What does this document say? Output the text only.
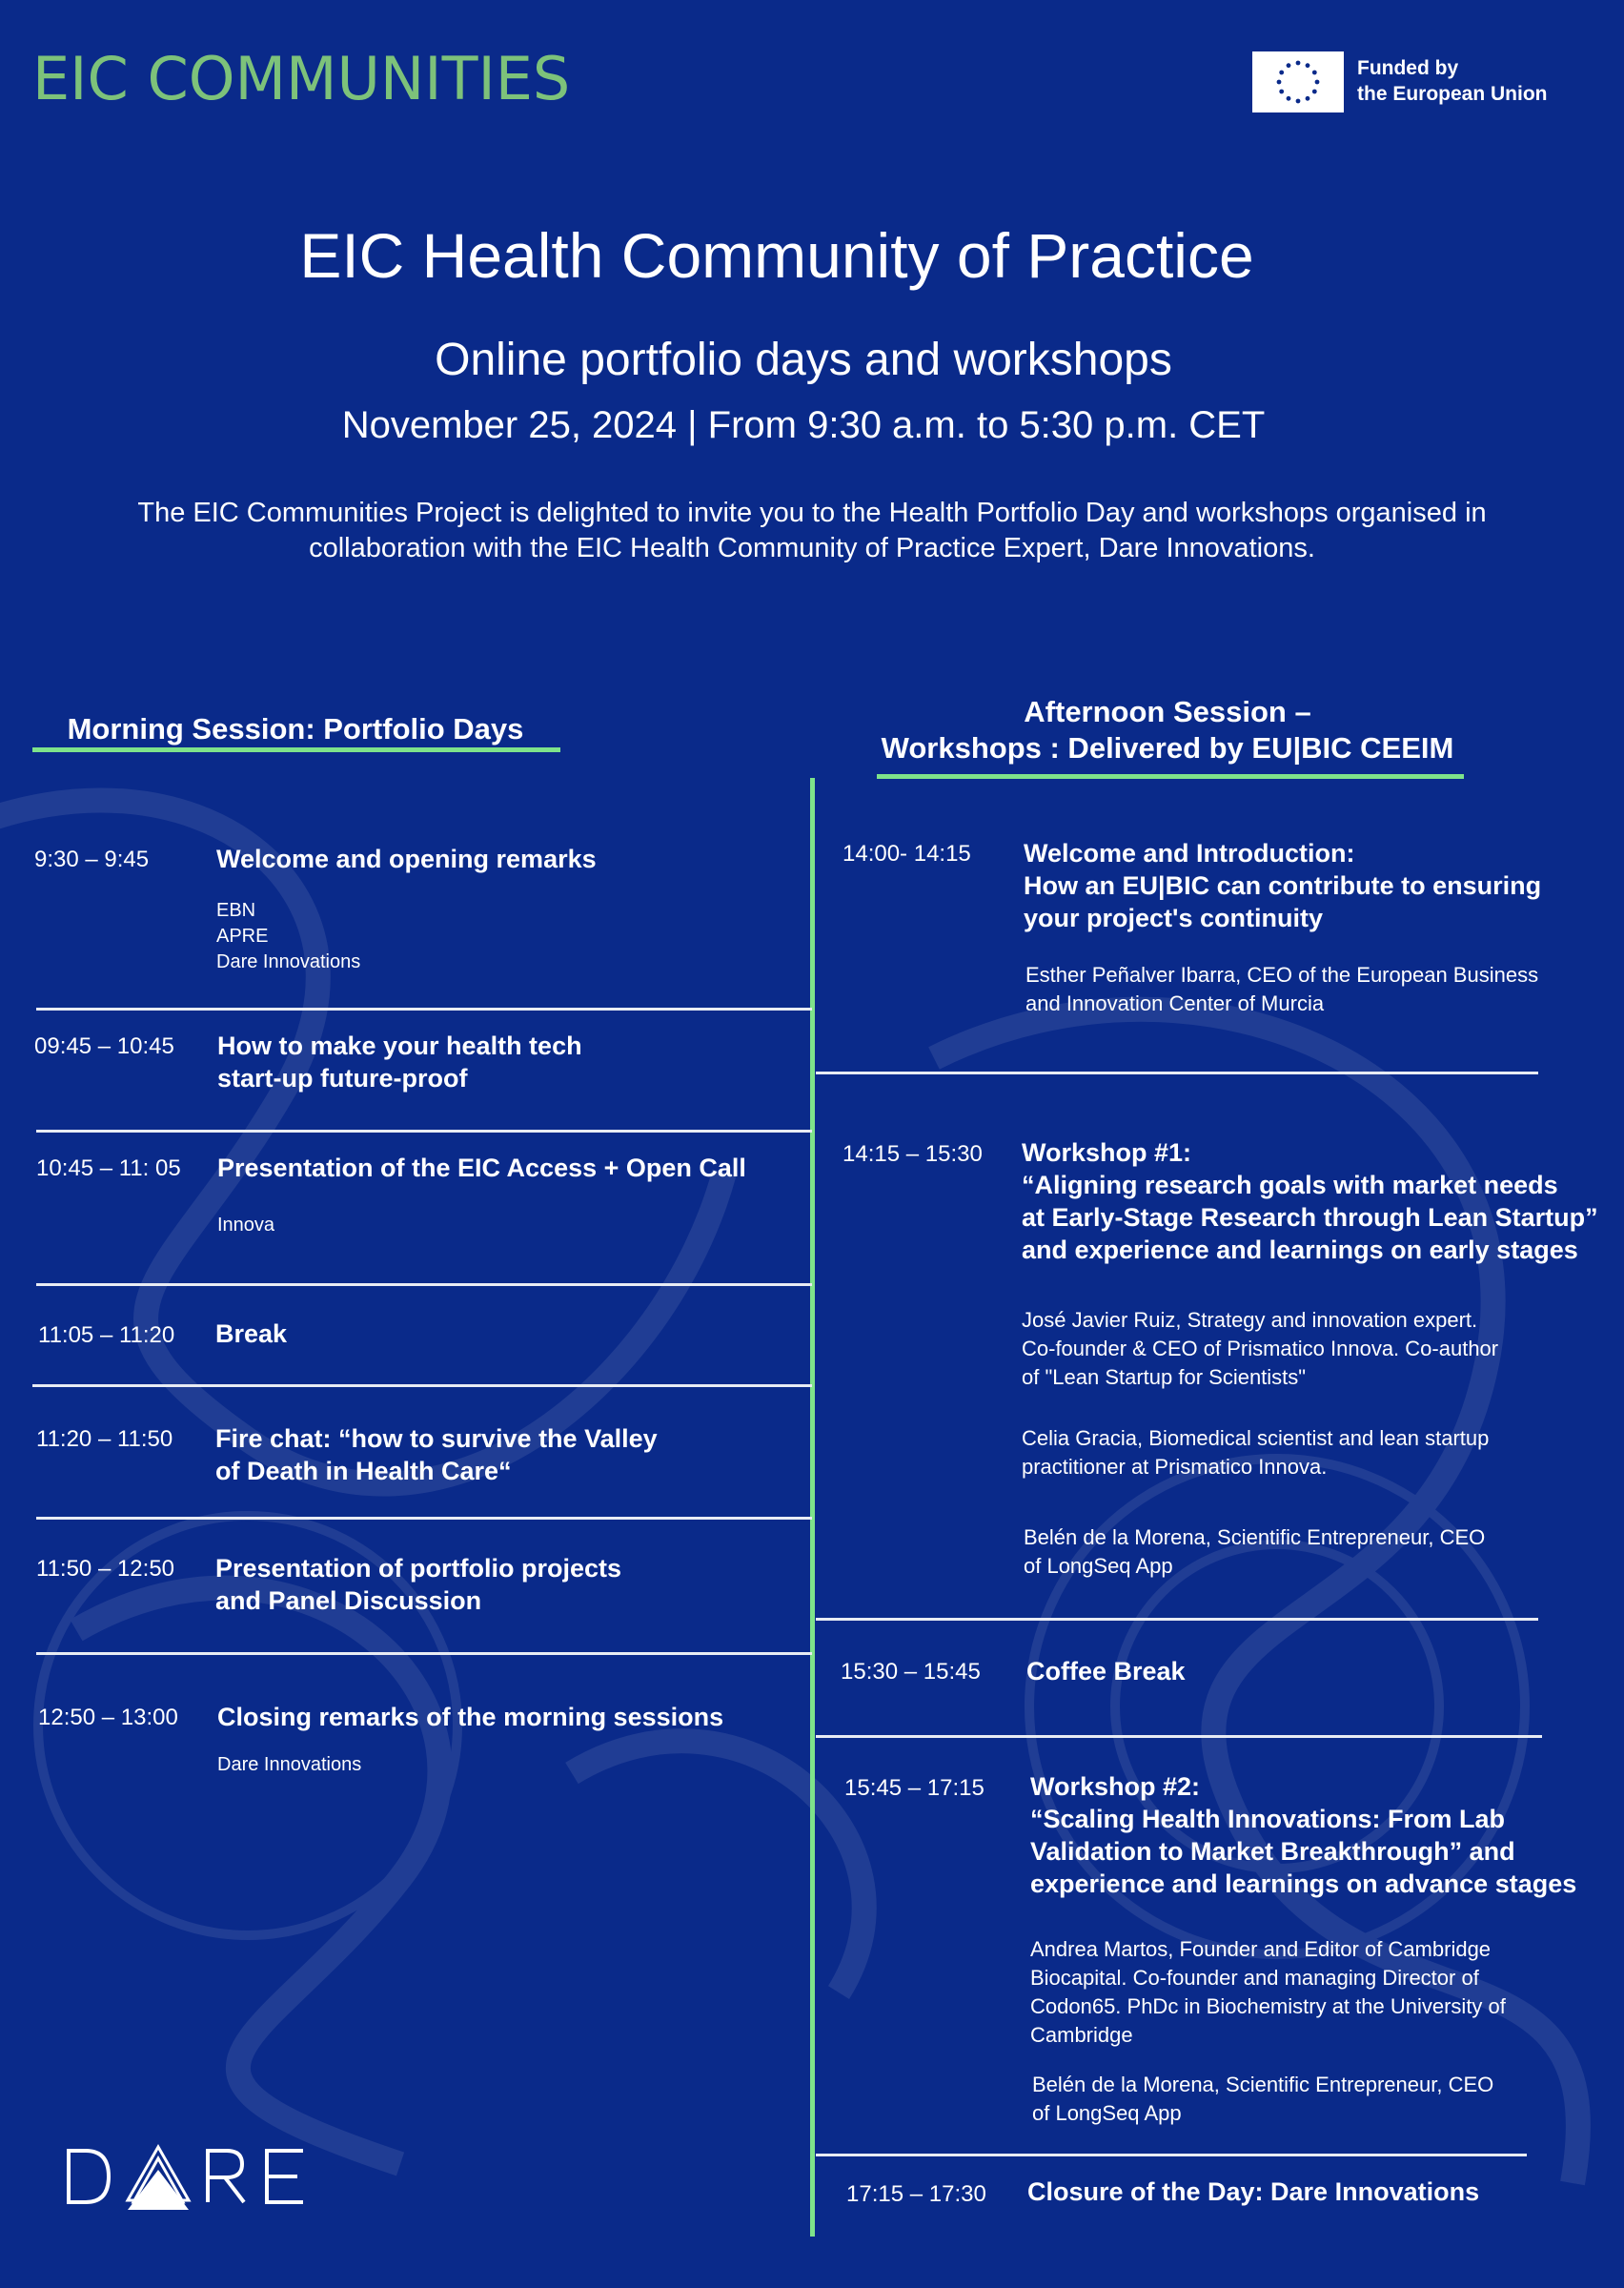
EIC COMMUNITIES	Funded by
the European Union
EIC Health Community of Practice
Online portfolio days and workshops
November 25, 2024 | From 9:30 a.m. to 5:30 p.m. CET
The EIC Communities Project is delighted to invite you to the Health Portfolio Day and workshops organised in collaboration with the EIC Health Community of Practice Expert, Dare Innovations.
Morning Session: Portfolio Days
Afternoon Session –
Workshops : Delivered by EU|BIC CEEIM
9:30 – 9:45	Welcome and opening remarks
EBN
APRE
Dare Innovations
09:45 – 10:45 How to make your health tech
start-up future-proof
10:45 – 11: 05 Presentation of the EIC Access + Open Call
Innova
11:05 – 11:20 Break
11:20 – 11:50 Fire chat: “how to survive the Valley
of Death in Health Care“
11:50 – 12:50 Presentation of portfolio projects
and Panel Discussion
12:50 – 13:00 Closing remarks of the morning sessions
Dare Innovations
14:00- 14:15 Welcome and Introduction:
How an EU|BIC can contribute to ensuring
your project's continuity
Esther Peñalver Ibarra, CEO of the European Business
and Innovation Center of Murcia
14:15 – 15:30 Workshop #1:
“Aligning research goals with market needs
at Early-Stage Research through Lean Startup”
and experience and learnings on early stages
José Javier Ruiz, Strategy and innovation expert.
Co-founder & CEO of Prismatico Innova. Co-author
of "Lean Startup for Scientists"
Celia Gracia, Biomedical scientist and lean startup
practitioner at Prismatico Innova.
Belén de la Morena, Scientific Entrepreneur, CEO
of LongSeq App
15:30 – 15:45 Coffee Break
15:45 – 17:15 Workshop #2:
“Scaling Health Innovations: From Lab
Validation to Market Breakthrough” and
experience and learnings on advance stages
Andrea Martos, Founder and Editor of Cambridge
Biocapital. Co-founder and managing Director of
Codon65. PhDc in Biochemistry at the University of
Cambridge
Belén de la Morena, Scientific Entrepreneur, CEO
of LongSeq App
17:15 – 17:30 Closure of the Day: Dare Innovations
